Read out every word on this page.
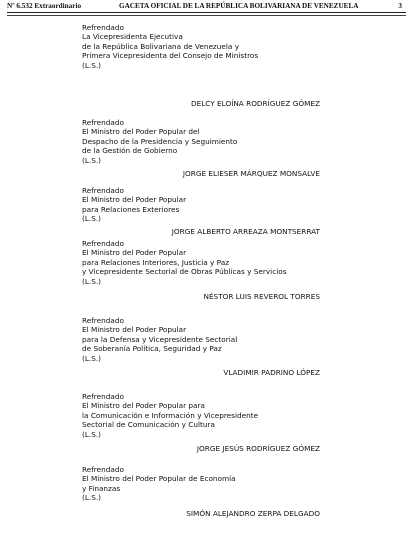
Nº 6.532 Extraordinario	GACETA OFICIAL DE LA REPÚBLICA BOLIVARIANA DE VENEZUELA	3
Refrendado
La Vicepresidenta Ejecutiva
de la República Bolivariana de Venezuela y
Primera Vicepresidenta del Consejo de Ministros
(L.S.)
DELCY ELOÍNA RODRÍGUEZ GÓMEZ
Refrendado
El Ministro del Poder Popular del
Despacho de la Presidencia y Seguimiento
de la Gestión de Gobierno
(L.S.)
JORGE ELIESER MÁRQUEZ MONSALVE
Refrendado
El Ministro del Poder Popular
para Relaciones Exteriores
(L.S.)
JORGE ALBERTO ARREAZA MONTSERRAT
Refrendado
El Ministro del Poder Popular
para Relaciones Interiores, Justicia y Paz
y Vicepresidente Sectorial de Obras Públicas y Servicios
(L.S.)
NÉSTOR LUIS REVEROL TORRES
Refrendado
El Ministro del Poder Popular
para la Defensa y Vicepresidente Sectorial
de Soberanía Política, Seguridad y Paz
(L.S.)
VLADIMIR PADRINO LÓPEZ
Refrendado
El Ministro del Poder Popular para
la Comunicación e Información y Vicepresidente
Sectorial de Comunicación y Cultura
(L.S.)
JORGE JESÚS RODRÍGUEZ GÓMEZ
Refrendado
El Ministro del Poder Popular de Economía
y Finanzas
(L.S.)
SIMÓN ALEJANDRO ZERPA DELGADO
